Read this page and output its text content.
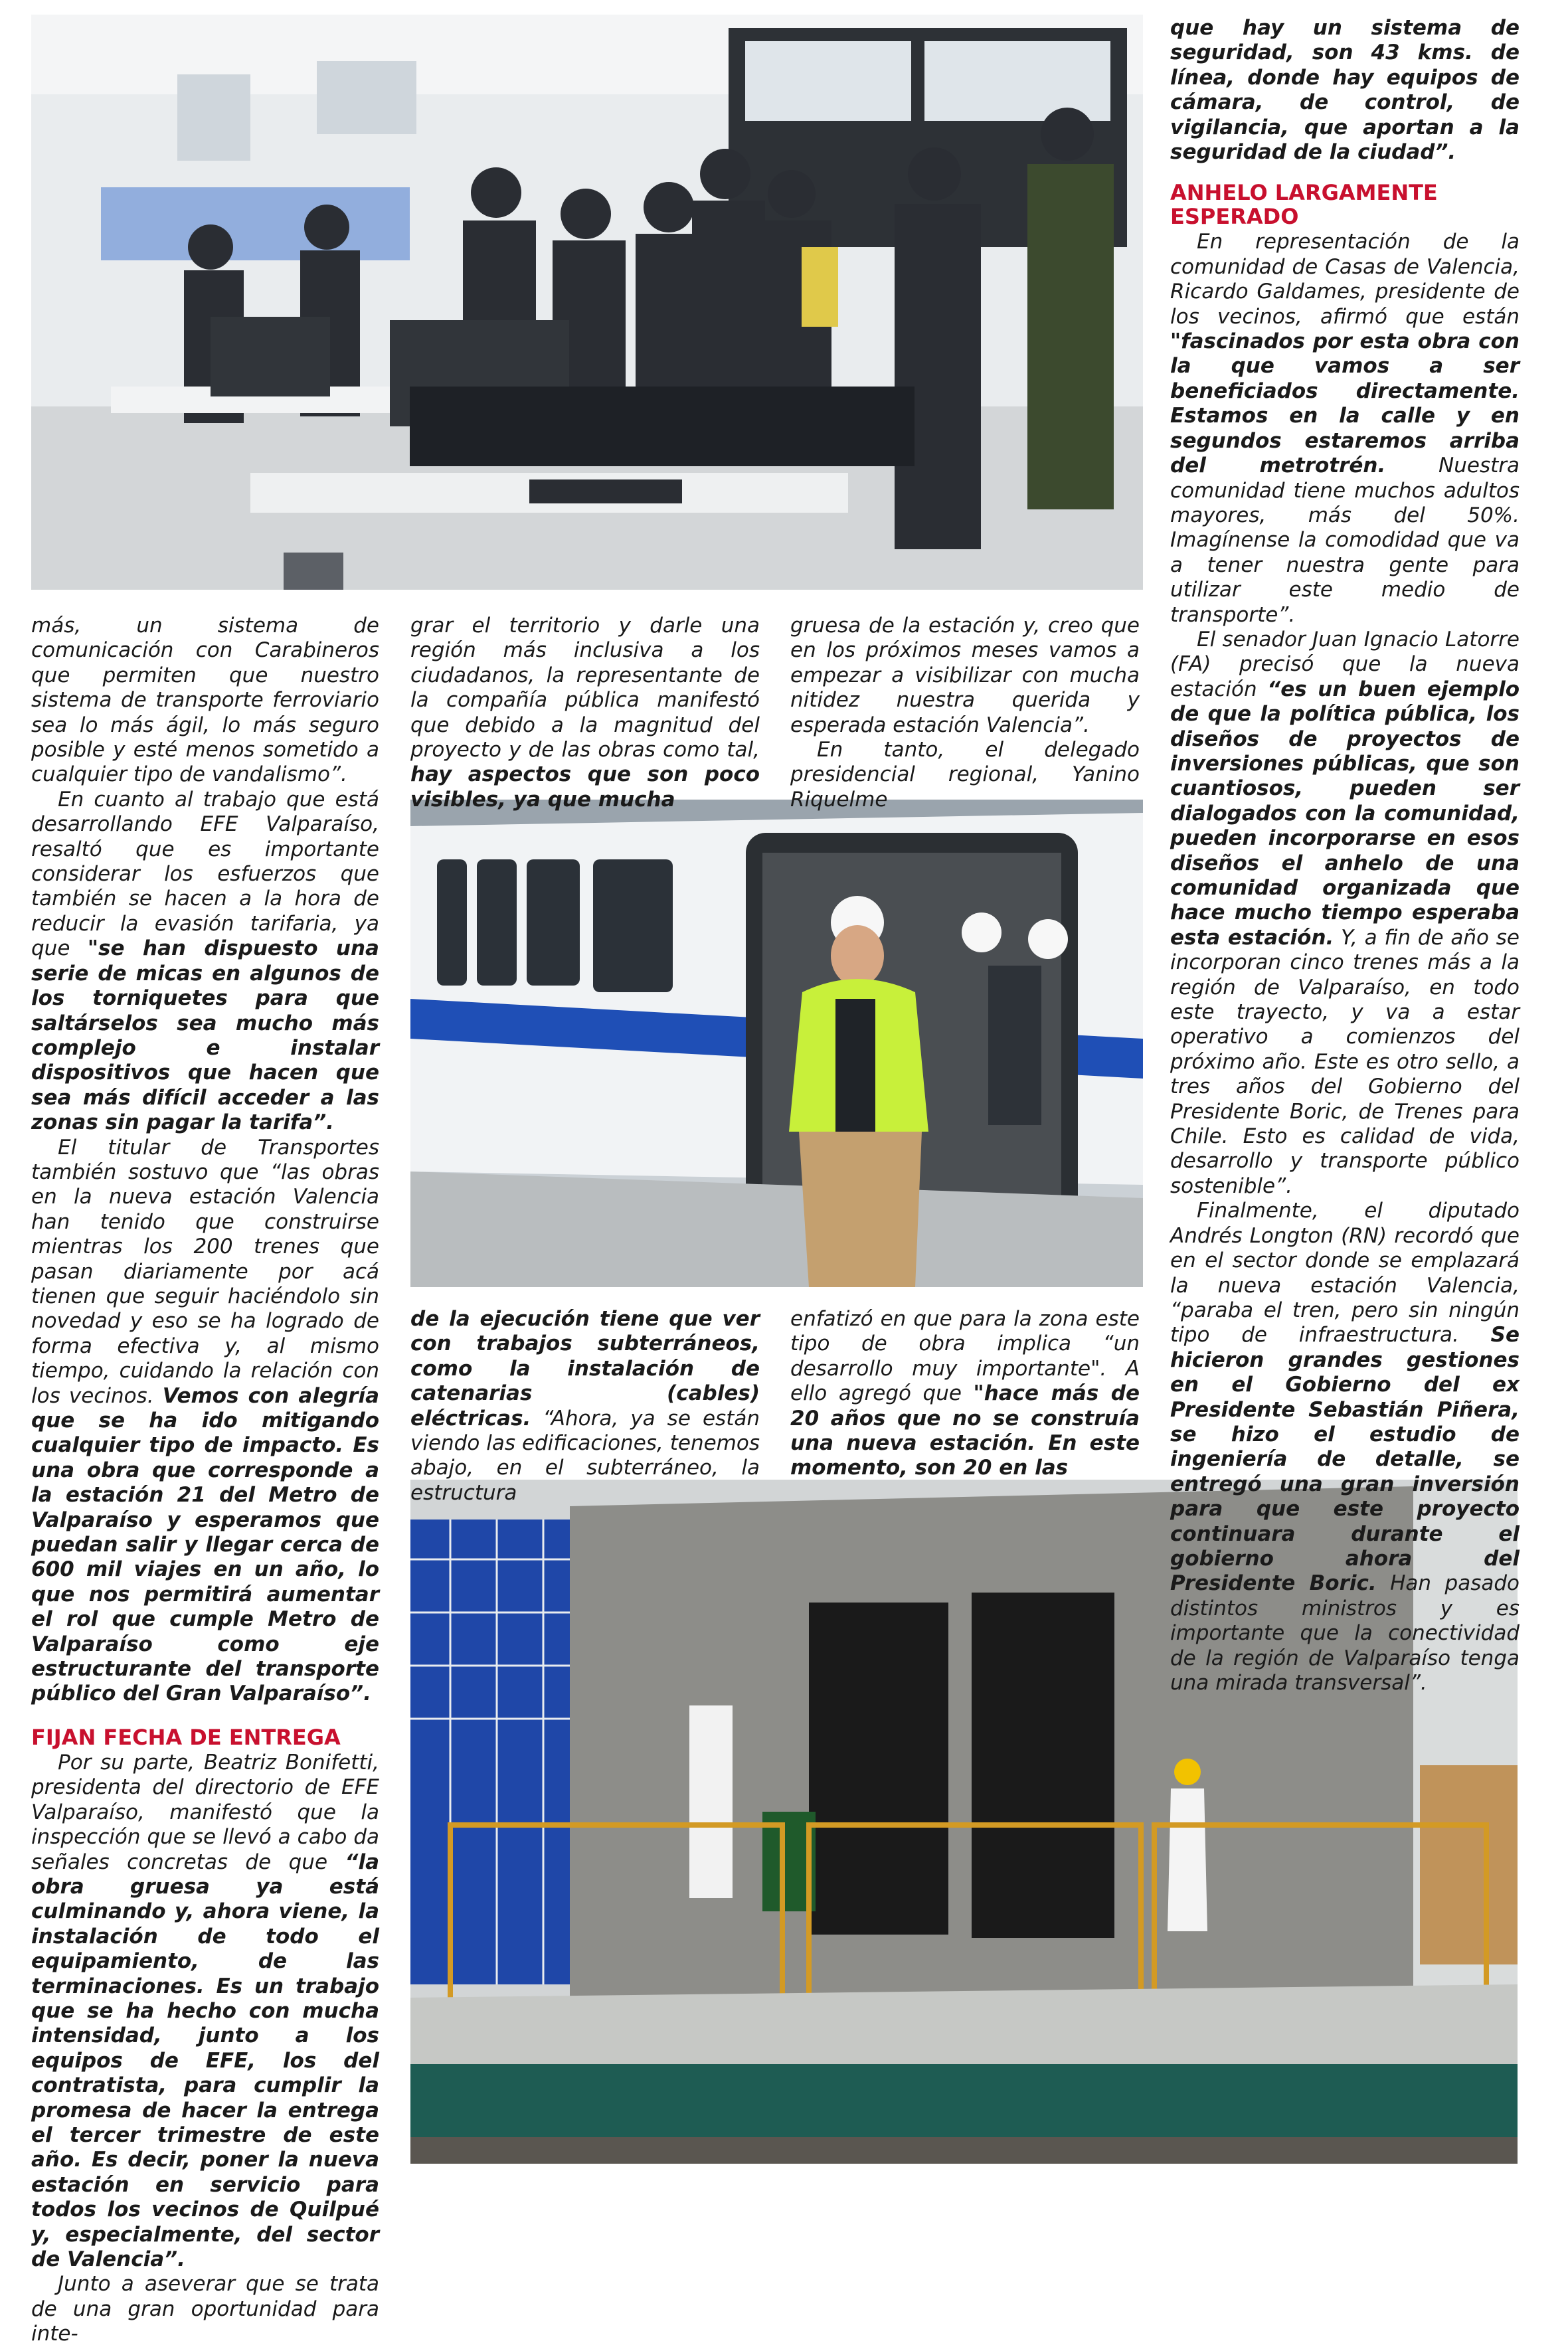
más, un sistema de comunicación con Carabineros que permiten que nuestro sistema de transporte ferroviario sea lo más ágil, lo más seguro posible y esté menos sometido a cualquier tipo de vandalismo”.

En cuanto al trabajo que está desarrollando EFE Valparaíso, resaltó que es importante considerar los esfuerzos que también se hacen a la hora de reducir la evasión tarifaria, ya que "se han dispuesto una serie de micas en algunos de los torniquetes para que saltárselos sea mucho más complejo e instalar dispositivos que hacen que sea más difícil acceder a las zonas sin pagar la tarifa”.

El titular de Transportes también sostuvo que “las obras en la nueva estación Valencia han tenido que construirse mientras los 200 trenes que pasan diariamente por acá tienen que seguir haciéndolo sin novedad y eso se ha logrado de forma efectiva y, al mismo tiempo, cuidando la relación con los vecinos. Vemos con alegría que se ha ido mitigando cualquier tipo de impacto. Es una obra que corresponde a la estación 21 del Metro de Valparaíso y esperamos que puedan salir y llegar cerca de 600 mil viajes en un año, lo que nos permitirá aumentar el rol que cumple Metro de Valparaíso como eje estructurante del transporte público del Gran Valparaíso”.

FIJAN FECHA DE ENTREGA

Por su parte, Beatriz Bonifetti, presidenta del directorio de EFE Valparaíso, manifestó que la inspección que se llevó a cabo da señales concretas de que “la obra gruesa ya está culminando y, ahora viene, la instalación de todo el equipamiento, de las terminaciones. Es un trabajo que se ha hecho con mucha intensidad, junto a los equipos de EFE, los del contratista, para cumplir la promesa de hacer la entrega el tercer trimestre de este año. Es decir, poner la nueva estación en servicio para todos los vecinos de Quilpué y, especialmente, del sector de Valencia”.

Junto a aseverar que se trata de una gran oportunidad para inte-

grar el territorio y darle una región más inclusiva a los ciudadanos, la representante de la compañía pública manifestó que debido a la magnitud del proyecto y de las obras como tal, hay aspectos que son poco visibles, ya que mucha

de la ejecución tiene que ver con trabajos subterráneos, como la instalación de catenarias (cables) eléctricas. “Ahora, ya se están viendo las edificaciones, tenemos abajo, en el subterráneo, la estructura

gruesa de la estación y, creo que en los próximos meses vamos a empezar a visibilizar con mucha nitidez nuestra querida y esperada estación Valencia”.

En tanto, el delegado presidencial regional, Yanino Riquelme

enfatizó en que para la zona este tipo de obra implica “un desarrollo muy importante". A ello agregó que "hace más de 20 años que no se construía una nueva estación. En este momento, son 20 en las

que hay un sistema de seguridad, son 43 kms. de línea, donde hay equipos de cámara, de control, de vigilancia, que aportan a la seguridad de la ciudad”.

ANHELO LARGAMENTE ESPERADO

En representación de la comunidad de Casas de Valencia, Ricardo Galdames, presidente de los vecinos, afirmó que están "fascinados por esta obra con la que vamos a ser beneficiados directamente. Estamos en la calle y en segundos estaremos arriba del metrotrén. Nuestra comunidad tiene muchos adultos mayores, más del 50%. Imagínense la comodidad que va a tener nuestra gente para utilizar este medio de transporte”.

El senador Juan Ignacio Latorre (FA) precisó que la nueva estación “es un buen ejemplo de que la política pública, los diseños de proyectos de inversiones públicas, que son cuantiosos, pueden ser dialogados con la comunidad, pueden incorporarse en esos diseños el anhelo de una comunidad organizada que hace mucho tiempo esperaba esta estación. Y, a fin de año se incorporan cinco trenes más a la región de Valparaíso, en todo este trayecto, y va a estar operativo a comienzos del próximo año. Este es otro sello, a tres años del Gobierno del Presidente Boric, de Trenes para Chile. Esto es calidad de vida, desarrollo y transporte público sostenible”.

Finalmente, el diputado Andrés Longton (RN) recordó que en el sector donde se emplazará la nueva estación Valencia, “paraba el tren, pero sin ningún tipo de infraestructura. Se hicieron grandes gestiones en el Gobierno del ex Presidente Sebastián Piñera, se hizo el estudio de ingeniería de detalle, se entregó una gran inversión para que este proyecto continuara durante el gobierno ahora del Presidente Boric. Han pasado distintos ministros y es importante que la conectividad de la región de Valparaíso tenga una mirada transversal”.
